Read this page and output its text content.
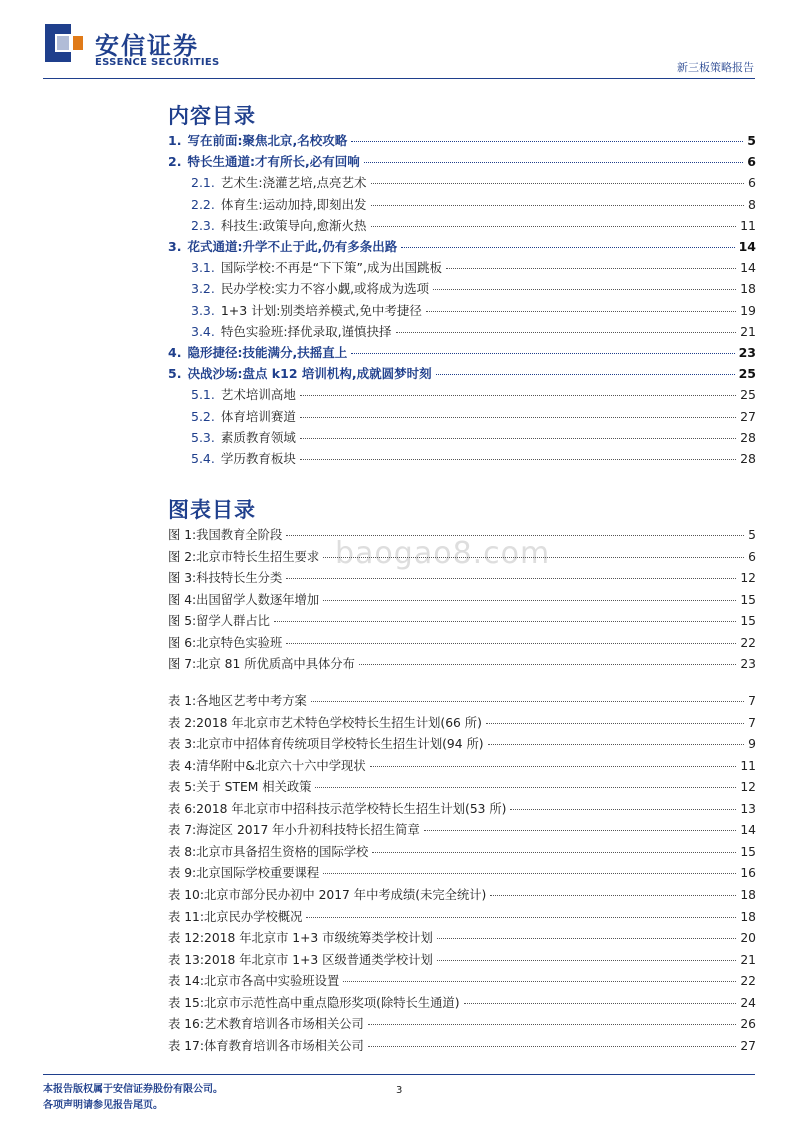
安信证券
ESSENCE SECURITIES	新三板策略报告
内容目录
1. 写在前面:聚焦北京,名校攻略	5
2. 特长生通道:才有所长,必有回响	6
2.1. 艺术生:浇灌艺培,点亮艺术	6
2.2. 体育生:运动加持,即刻出发	8
2.3. 科技生:政策导向,愈渐火热	11
3. 花式通道:升学不止于此,仍有多条出路	14
3.1. 国际学校:不再是“下下策”,成为出国跳板	14
3.2. 民办学校:实力不容小觑,或将成为选项	18
3.3. 1+3 计划:别类培养模式,免中考捷径	19
3.4. 特色实验班:择优录取,谨慎抉择	21
4. 隐形捷径:技能满分,扶摇直上	23
5. 决战沙场:盘点 k12 培训机构,成就圆梦时刻	25
5.1. 艺术培训高地	25
5.2. 体育培训赛道	27
5.3. 素质教育领域	28
5.4. 学历教育板块	28
baogao8.com
图表目录
图 1:我国教育全阶段	5
图 2:北京市特长生招生要求	6
图 3:科技特长生分类	12
图 4:出国留学人数逐年增加	15
图 5:留学人群占比	15
图 6:北京特色实验班	22
图 7:北京 81 所优质高中具体分布	23
表 1:各地区艺考中考方案	7
表 2:2018 年北京市艺术特色学校特长生招生计划(66 所)	7
表 3:北京市中招体育传统项目学校特长生招生计划(94 所)	9
表 4:清华附中&北京六十六中学现状	11
表 5:关于 STEM 相关政策	12
表 6:2018 年北京市中招科技示范学校特长生招生计划(53 所)	13
表 7:海淀区 2017 年小升初科技特长招生简章	14
表 8:北京市具备招生资格的国际学校	15
表 9:北京国际学校重要课程	16
表 10:北京市部分民办初中 2017 年中考成绩(未完全统计)	18
表 11:北京民办学校概况	18
表 12:2018 年北京市 1+3 市级统筹类学校计划	20
表 13:2018 年北京市 1+3 区级普通类学校计划	21
表 14:北京市各高中实验班设置	22
表 15:北京市示范性高中重点隐形奖项(除特长生通道)	24
表 16:艺术教育培训各市场相关公司	26
表 17:体育教育培训各市场相关公司	27
本报告版权属于安信证券股份有限公司。
各项声明请参见报告尾页。
3
